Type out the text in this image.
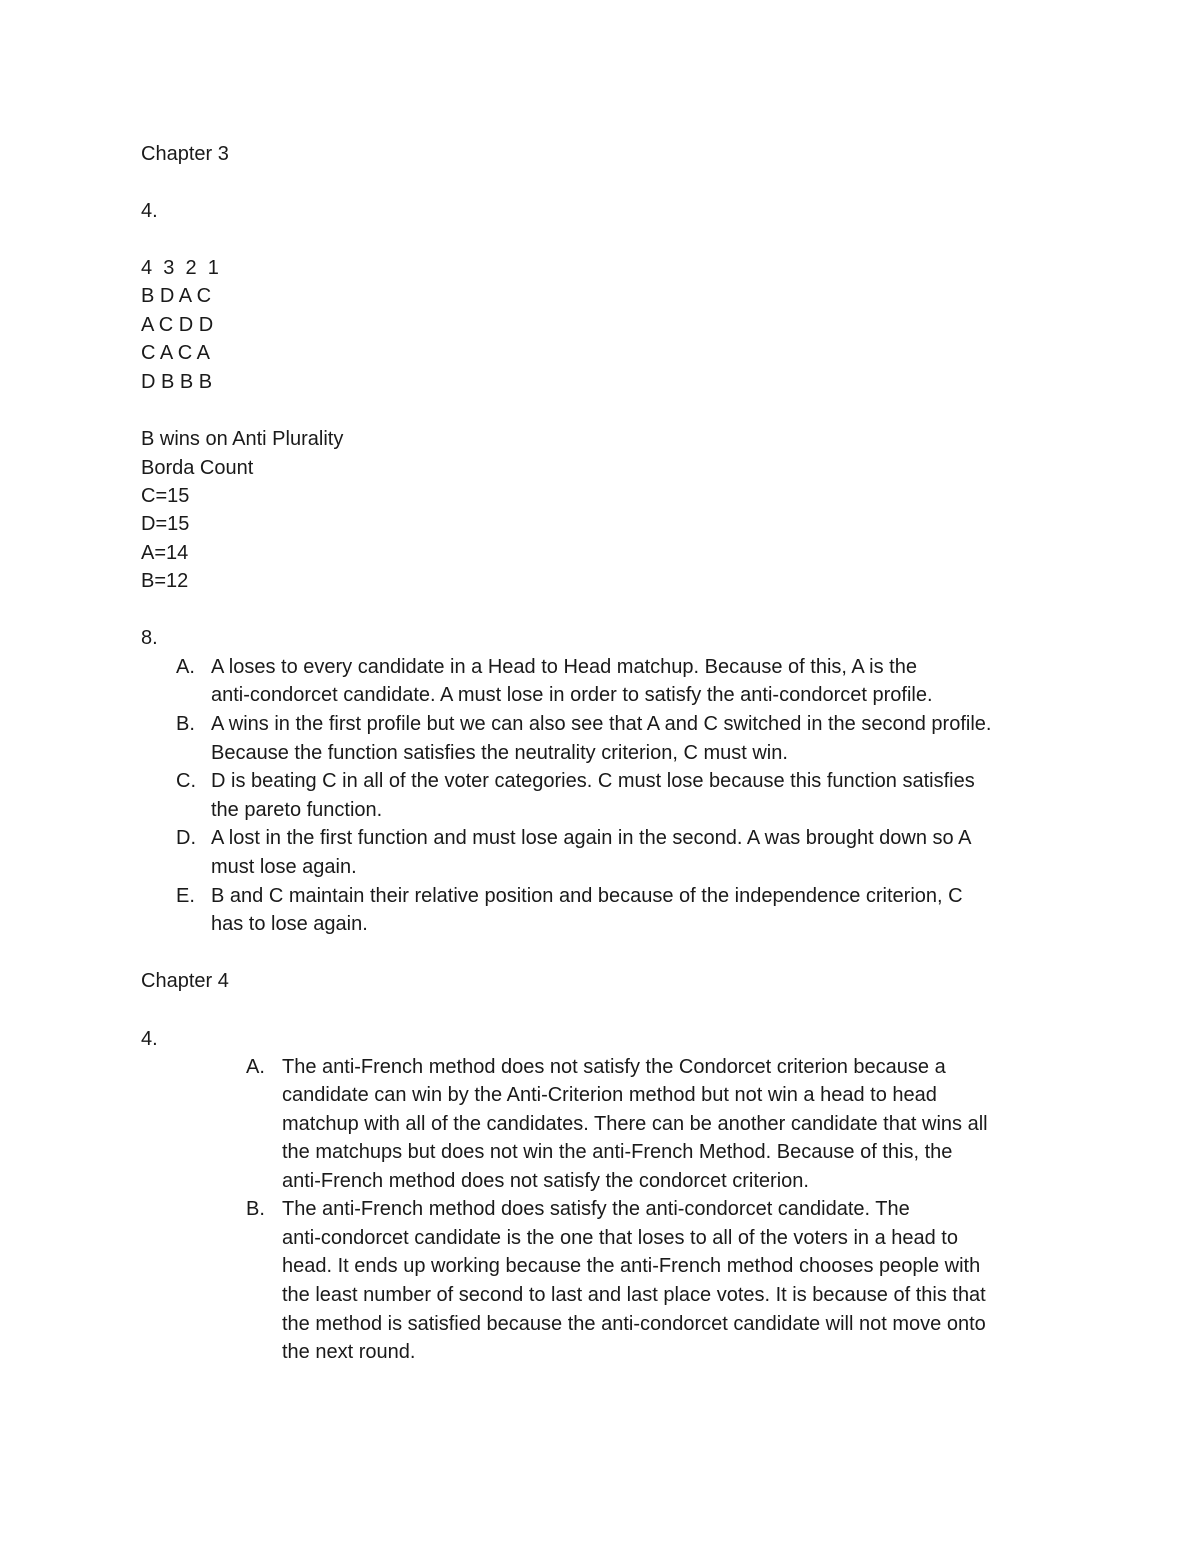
Chapter 3
4.
4  3  2  1
B D A C
A C D D
C A C A
D B B B
B wins on Anti Plurality
Borda Count
C=15
D=15
A=14
B=12
8.
A. A loses to every candidate in a Head to Head matchup. Because of this, A is the
anti-condorcet candidate. A must lose in order to satisfy the anti-condorcet profile.
B. A wins in the first profile but we can also see that A and C switched in the second profile.
Because the function satisfies the neutrality criterion, C must win.
C. D is beating C in all of the voter categories. C must lose because this function satisfies
the pareto function.
D. A lost in the first function and must lose again in the second. A was brought down so A
must lose again.
E. B and C maintain their relative position and because of the independence criterion, C
has to lose again.
Chapter 4
4.
A. The anti-French method does not satisfy the Condorcet criterion because a
candidate can win by the Anti-Criterion method but not win a head to head
matchup with all of the candidates. There can be another candidate that wins all
the matchups but does not win the anti-French Method. Because of this, the
anti-French method does not satisfy the condorcet criterion.
B. The anti-French method does satisfy the anti-condorcet candidate. The
anti-condorcet candidate is the one that loses to all of the voters in a head to
head. It ends up working because the anti-French method chooses people with
the least number of second to last and last place votes. It is because of this that
the method is satisfied because the anti-condorcet candidate will not move onto
the next round.
